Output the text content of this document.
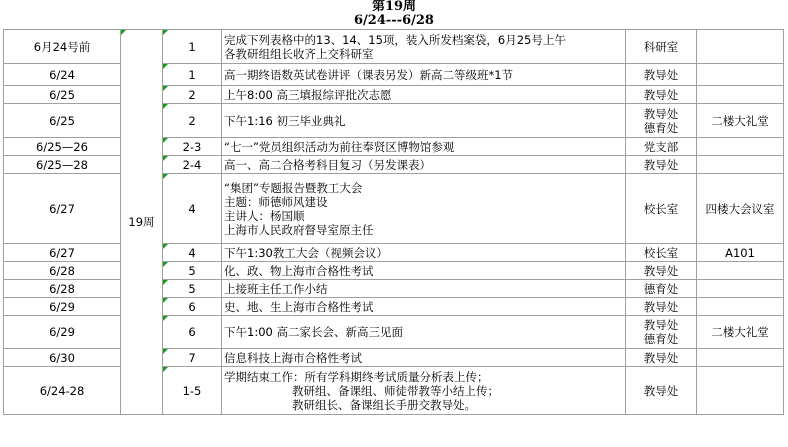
第19周
6/24---6/28
6月24号前	19周	1	完成下列表格中的13、14、15项，装入所发档案袋，6月25号上午
各教研组组长收齐上交科研室	科研室	

6/24		1	高一期终语数英试卷讲评（课表另发）新高二等级班*1节	教导处	

6/25		2	上午8:00 高三填报综评批次志愿	教导处	

6/25		2	下午1:16 初三毕业典礼	教导处
德育处	二楼大礼堂
6/25—26		2-3	“七一”党员组织活动为前往奉贤区博物馆参观	党支部	

6/25—28		2-4	高一、高二合格考科目复习（另发课表）	教导处	

6/27		4	“集团”专题报告暨教工大会
主题：师德师风建设
主讲人：杨国顺
上海市人民政府督导室原主任	校长室	四楼大会议室
6/27		4	下午1:30教工大会（视频会议）	校长室	A101
6/28		5	化、政、物上海市合格性考试	教导处	

6/28		5	上接班主任工作小结	德育处	

6/29		6	史、地、生上海市合格性考试	教导处	

6/29		6	下午1:00 高二家长会、新高三见面	教导处
德育处	二楼大礼堂
6/30		7	信息科技上海市合格性考试	教导处	

6/24-28		1-5	学期结束工作：所有学科期终考试质量分析表上传；
教研组、备课组、师徒带教等小结上传；
教研组长、备课组长手册交教导处。	教导处	
